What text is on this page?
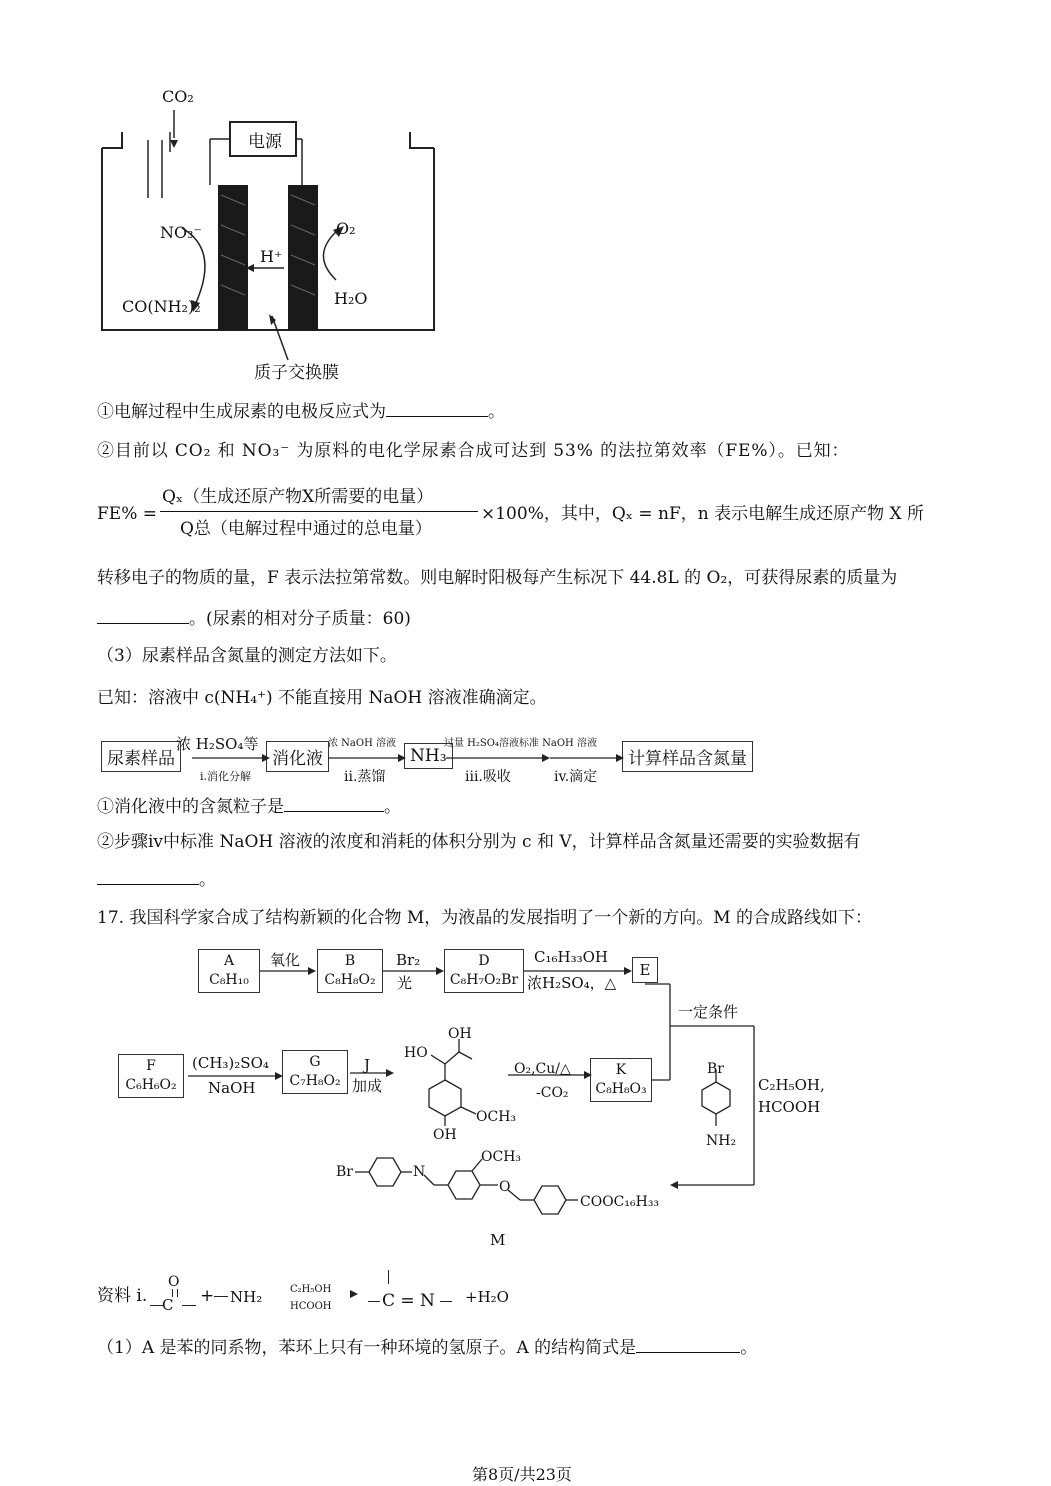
CO₂
电源
NO₃⁻
CO(NH₂)₂
H⁺
O₂
H₂O
质子交换膜
①电解过程中生成尿素的电极反应式为	。
②目前以 CO₂ 和 NO₃⁻ 为原料的电化学尿素合成可达到 53% 的法拉第效率（FE%）。已知：
FE% =
Qₓ（生成还原产物X所需要的电量）
Q总（电解过程中通过的总电量）
×100%，其中，Qₓ = nF，n 表示电解生成还原产物 X 所
转移电子的物质的量，F 表示法拉第常数。则电解时阳极每产生标况下 44.8L 的 O₂，可获得尿素的质量为
。(尿素的相对分子质量：60)
（3）尿素样品含氮量的测定方法如下。
已知：溶液中 c(NH₄⁺) 不能直接用 NaOH 溶液准确滴定。
尿素样品	消化液	NH₃	计算样品含氮量
浓 H₂SO₄等
i.消化分解
浓 NaOH 溶液
ii.蒸馏
过量 H₂SO₄溶液标准 NaOH 溶液
iii.吸收	iv.滴定
①消化液中的含氮粒子是	。
②步骤iv中标准 NaOH 溶液的浓度和消耗的体积分别为 c 和 V，计算样品含氮量还需要的实验数据有
。
17. 我国科学家合成了结构新颖的化合物 M，为液晶的发展指明了一个新的方向。M 的合成路线如下：
A
C₈H₁₀
B
C₈H₈O₂
D
C₈H₇O₂Br
E
F
C₆H₆O₂
G
C₇H₈O₂
K
C₈H₈O₃
氧化	Br₂
光
C₁₆H₃₃OH
浓H₂SO₄，△
一定条件
(CH₃)₂SO₄
NaOH
J
加成
O₂,Cu/△
-CO₂	C₂H₅OH,
HCOOH
OH
HO
OCH₃
OH
Br
NH₂
Br	N
OCH₃
O
COOC₁₆H₃₃
M
资料 i.
O
C	+ NH₂	C₂H₅OH
HCOOH	C = N +H₂O
（1）A 是苯的同系物，苯环上只有一种环境的氢原子。A 的结构简式是	。
第8页/共23页
